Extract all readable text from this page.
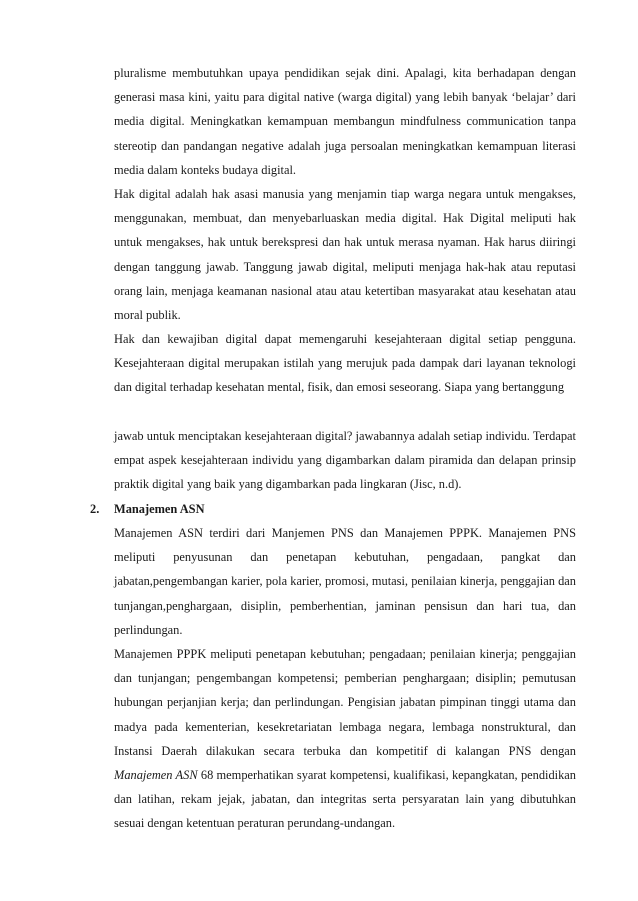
pluralisme membutuhkan upaya pendidikan sejak dini. Apalagi, kita berhadapan dengan generasi masa kini, yaitu para digital native (warga digital) yang lebih banyak ‘belajar’ dari media digital. Meningkatkan kemampuan membangun mindfulness communication tanpa stereotip dan pandangan negative adalah juga persoalan meningkatkan kemampuan literasi media dalam konteks budaya digital.

Hak digital adalah hak asasi manusia yang menjamin tiap warga negara untuk mengakses, menggunakan, membuat, dan menyebarluaskan media digital. Hak Digital meliputi hak untuk mengakses, hak untuk berekspresi dan hak untuk merasa nyaman. Hak harus diiringi dengan tanggung jawab. Tanggung jawab digital, meliputi menjaga hak-hak atau reputasi orang lain, menjaga keamanan nasional atau atau ketertiban masyarakat atau kesehatan atau moral publik.

Hak dan kewajiban digital dapat memengaruhi kesejahteraan digital setiap pengguna. Kesejahteraan digital merupakan istilah yang merujuk pada dampak dari layanan teknologi dan digital terhadap kesehatan mental, fisik, dan emosi seseorang. Siapa yang bertanggung

jawab untuk menciptakan kesejahteraan digital? jawabannya adalah setiap individu. Terdapat empat aspek kesejahteraan individu yang digambarkan dalam piramida dan delapan prinsip praktik digital yang baik yang digambarkan pada lingkaran (Jisc, n.d).

2. Manajemen ASN

Manajemen ASN terdiri dari Manjemen PNS dan Manajemen PPPK. Manajemen PNS meliputi penyusunan dan penetapan kebutuhan, pengadaan, pangkat dan jabatan,pengembangan karier, pola karier, promosi, mutasi, penilaian kinerja, penggajian dan tunjangan,penghargaan, disiplin, pemberhentian, jaminan pensisun dan hari tua, dan perlindungan.

Manajemen PPPK meliputi penetapan kebutuhan; pengadaan; penilaian kinerja; penggajian dan tunjangan; pengembangan kompetensi; pemberian penghargaan; disiplin; pemutusan hubungan perjanjian kerja; dan perlindungan. Pengisian jabatan pimpinan tinggi utama dan madya pada kementerian, kesekretariatan lembaga negara, lembaga nonstruktural, dan Instansi Daerah dilakukan secara terbuka dan kompetitif di kalangan PNS dengan Manajemen ASN 68 memperhatikan syarat kompetensi, kualifikasi, kepangkatan, pendidikan dan latihan, rekam jejak, jabatan, dan integritas serta persyaratan lain yang dibutuhkan sesuai dengan ketentuan peraturan perundang-undangan.
